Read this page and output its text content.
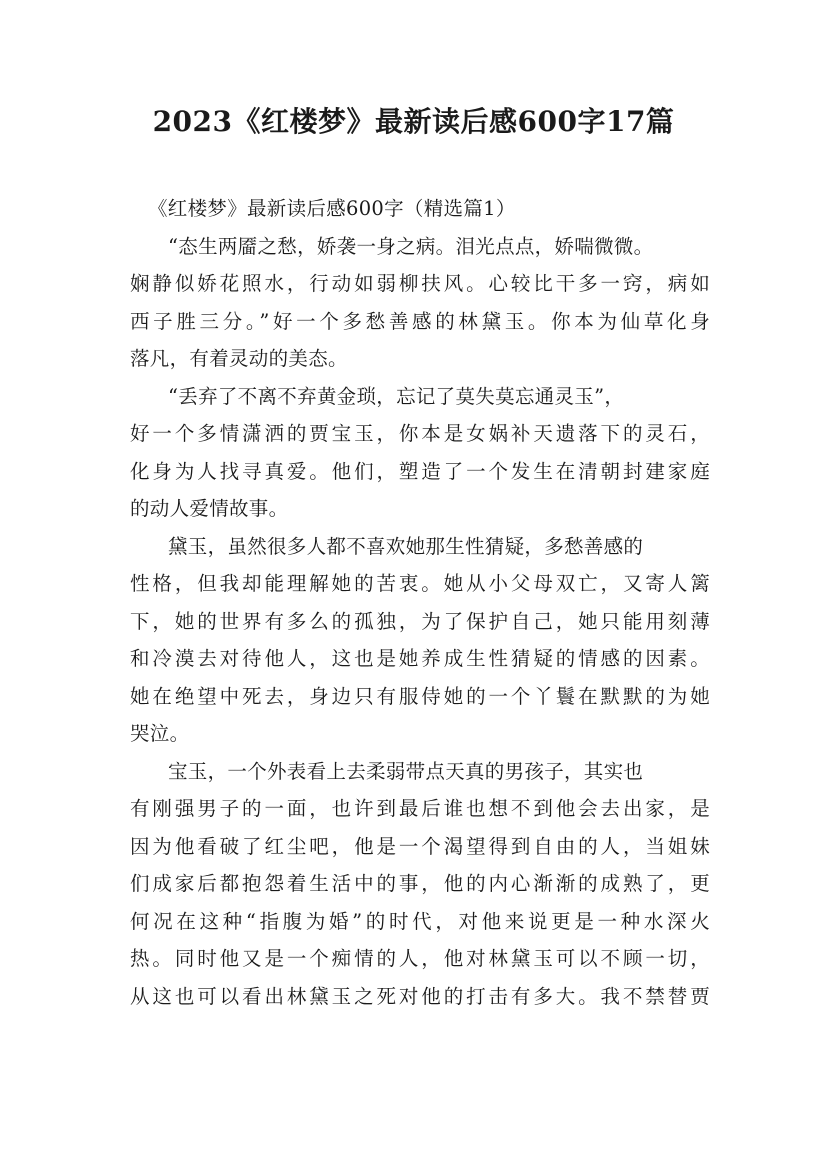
2023《红楼梦》最新读后感600字17篇
《红楼梦》最新读后感600字（精选篇1）
“态生两靥之愁，娇袭一身之病。泪光点点，娇喘微微。
娴静似娇花照水，行动如弱柳扶风。心较比干多一窍，病如
西子胜三分。”好一个多愁善感的林黛玉。你本为仙草化身
落凡，有着灵动的美态。
“丢弃了不离不弃黄金琐，忘记了莫失莫忘通灵玉”，
好一个多情潇洒的贾宝玉，你本是女娲补天遗落下的灵石，
化身为人找寻真爱。他们，塑造了一个发生在清朝封建家庭
的动人爱情故事。
黛玉，虽然很多人都不喜欢她那生性猜疑，多愁善感的
性格，但我却能理解她的苦衷。她从小父母双亡，又寄人篱
下，她的世界有多么的孤独，为了保护自己，她只能用刻薄
和冷漠去对待他人，这也是她养成生性猜疑的情感的因素。
她在绝望中死去，身边只有服侍她的一个丫鬟在默默的为她
哭泣。
宝玉，一个外表看上去柔弱带点天真的男孩子，其实也
有刚强男子的一面，也许到最后谁也想不到他会去出家，是
因为他看破了红尘吧，他是一个渴望得到自由的人，当姐妹
们成家后都抱怨着生活中的事，他的内心渐渐的成熟了，更
何况在这种“指腹为婚”的时代，对他来说更是一种水深火
热。同时他又是一个痴情的人，他对林黛玉可以不顾一切，
从这也可以看出林黛玉之死对他的打击有多大。我不禁替贾
